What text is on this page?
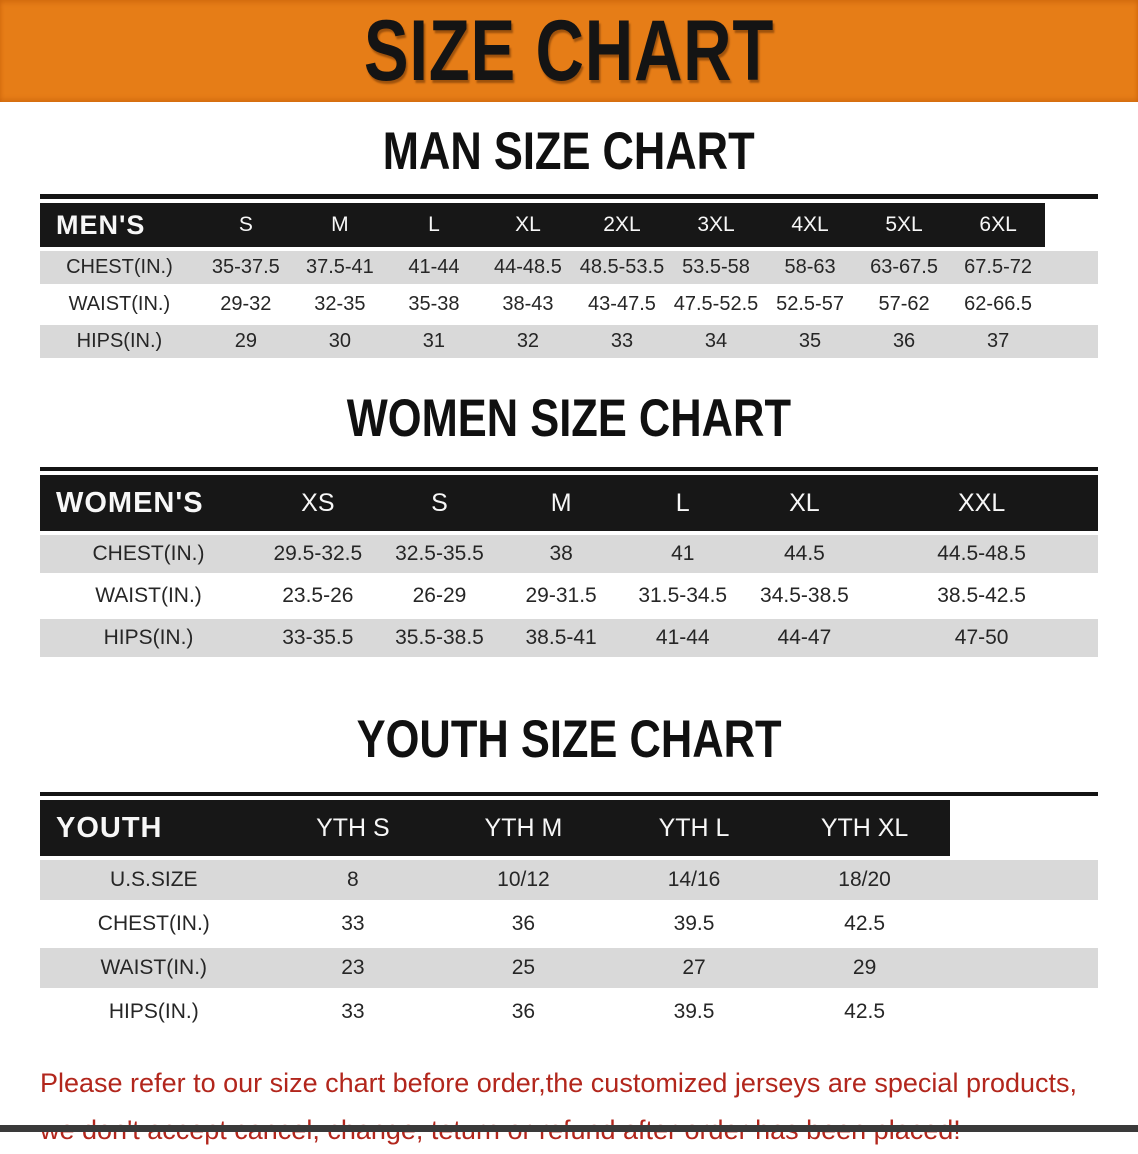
SIZE CHART
MAN SIZE CHART
MEN'S	S	M	L	XL	2XL	3XL	4XL	5XL	6XL	
CHEST(IN.)	35-37.5	37.5-41	41-44	44-48.5	48.5-53.5	53.5-58	58-63	63-67.5	67.5-72	
WAIST(IN.)	29-32	32-35	35-38	38-43	43-47.5	47.5-52.5	52.5-57	57-62	62-66.5	
HIPS(IN.)	29	30	31	32	33	34	35	36	37	
WOMEN SIZE CHART
WOMEN'S	XS	S	M	L	XL	XXL
CHEST(IN.)	29.5-32.5	32.5-35.5	38	41	44.5	44.5-48.5
WAIST(IN.)	23.5-26	26-29	29-31.5	31.5-34.5	34.5-38.5	38.5-42.5
HIPS(IN.)	33-35.5	35.5-38.5	38.5-41	41-44	44-47	47-50
YOUTH SIZE CHART
YOUTH	YTH S	YTH M	YTH L	YTH XL	
U.S.SIZE	8	10/12	14/16	18/20	
CHEST(IN.)	33	36	39.5	42.5	
WAIST(IN.)	23	25	27	29	
HIPS(IN.)	33	36	39.5	42.5	
Please refer to our size chart before order,the customized jerseys are special products,
